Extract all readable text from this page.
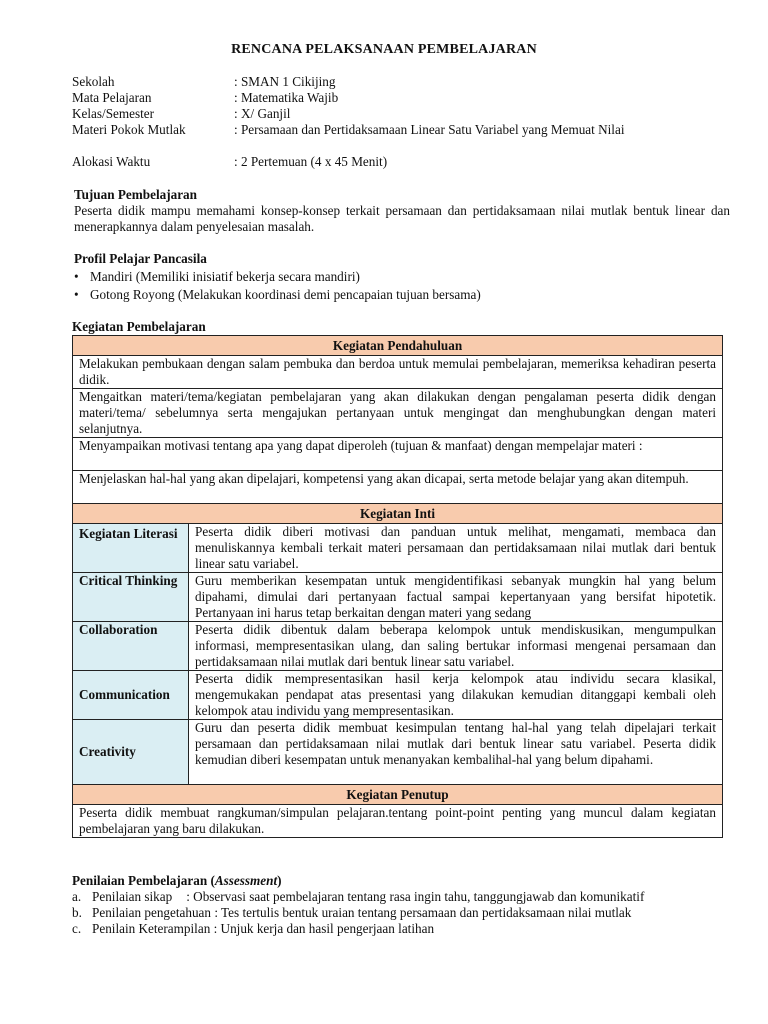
RENCANA PELAKSANAAN PEMBELAJARAN
Sekolah	: SMAN 1 Cikijing
Mata Pelajaran	: Matematika Wajib
Kelas/Semester	: X/ Ganjil
Materi Pokok Mutlak	: Persamaan dan Pertidaksamaan Linear Satu Variabel yang Memuat Nilai
Alokasi Waktu	: 2 Pertemuan (4 x 45 Menit)
Tujuan Pembelajaran
Peserta didik mampu memahami konsep-konsep terkait persamaan dan pertidaksamaan nilai mutlak bentuk linear dan menerapkannya dalam penyelesaian masalah.
Profil Pelajar Pancasila
• Mandiri (Memiliki inisiatif bekerja secara mandiri)
• Gotong Royong (Melakukan koordinasi demi pencapaian tujuan bersama)
Kegiatan Pembelajaran
Kegiatan Pendahuluan	

Melakukan pembukaan dengan salam pembuka dan berdoa untuk memulai pembelajaran, memeriksa kehadiran peserta didik.	

Mengaitkan materi/tema/kegiatan pembelajaran yang akan dilakukan dengan pengalaman peserta didik dengan materi/tema/ sebelumnya serta mengajukan pertanyaan untuk mengingat dan menghubungkan dengan materi selanjutnya.	

Menyampaikan motivasi tentang apa yang dapat diperoleh (tujuan & manfaat) dengan mempelajar materi :	

Menjelaskan hal-hal yang akan dipelajari, kompetensi yang akan dicapai, serta metode belajar yang akan ditempuh.	

Kegiatan Inti	

Kegiatan Literasi	Peserta didik diberi motivasi dan panduan untuk melihat, mengamati, membaca dan menuliskannya kembali terkait materi persamaan dan pertidaksamaan nilai mutlak dari bentuk linear satu variabel.

Critical Thinking	Guru memberikan kesempatan untuk mengidentifikasi sebanyak mungkin hal yang belum dipahami, dimulai dari pertanyaan factual sampai kepertanyaan yang bersifat hipotetik. Pertanyaan ini harus tetap berkaitan dengan materi yang sedang

Collaboration	Peserta didik dibentuk dalam beberapa kelompok untuk mendiskusikan, mengumpulkan informasi, mempresentasikan ulang, dan saling bertukar informasi mengenai persamaan dan pertidaksamaan nilai mutlak dari bentuk linear satu variabel.

Communication	Peserta didik mempresentasikan hasil kerja kelompok atau individu secara klasikal, mengemukakan pendapat atas presentasi yang dilakukan kemudian ditanggapi kembali oleh kelompok atau individu yang mempresentasikan.

Creativity	Guru dan peserta didik membuat kesimpulan tentang hal-hal yang telah dipelajari terkait persamaan dan pertidaksamaan nilai mutlak dari bentuk linear satu variabel. Peserta didik kemudian diberi kesempatan untuk menanyakan kembalihal-hal yang belum dipahami.

Kegiatan Penutup	

Peserta didik membuat rangkuman/simpulan pelajaran.tentang point-point penting yang muncul dalam kegiatan pembelajaran yang baru dilakukan.	
Penilaian Pembelajaran (Assessment)
a. Penilaian sikap : Observasi saat pembelajaran tentang rasa ingin tahu, tanggungjawab dan komunikatif
b. Penilaian pengetahuan : Tes tertulis bentuk uraian tentang persamaan dan pertidaksamaan nilai mutlak
c. Penilain Keterampilan : Unjuk kerja dan hasil pengerjaan latihan
